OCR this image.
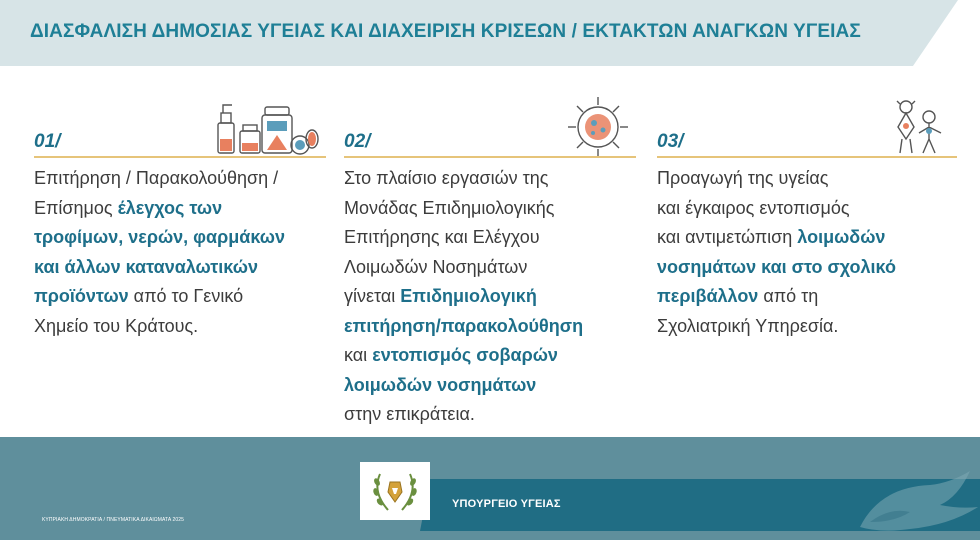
ΔΙΑΣΦΑΛΙΣΗ ΔΗΜΟΣΙΑΣ ΥΓΕΙΑΣ ΚΑΙ ΔΙΑΧΕΙΡΙΣΗ ΚΡΙΣΕΩΝ / ΕΚΤΑΚΤΩΝ ΑΝΑΓΚΩΝ ΥΓΕΙΑΣ
01/
Επιτήρηση / Παρακολούθηση /
Επίσημος έλεγχος των
τροφίμων, νερών, φαρμάκων
και άλλων καταναλωτικών
προϊόντων από το Γενικό
Χημείο του Κράτους.
02/
Στο πλαίσιο εργασιών της
Μονάδας Επιδημιολογικής
Επιτήρησης και Ελέγχου
Λοιμωδών Νοσημάτων
γίνεται Επιδημιολογική
επιτήρηση/παρακολούθηση
και εντοπισμός σοβαρών
λοιμωδών νοσημάτων
στην επικράτεια.
03/
Προαγωγή της υγείας
και έγκαιρος εντοπισμός
και αντιμετώπιση λοιμωδών
νοσημάτων και στο σχολικό
περιβάλλον από τη
Σχολιατρική Υπηρεσία.
ΚΥΠΡΙΑΚΗ ΔΗΜΟΚΡΑΤΙΑ / ΠΝΕΥΜΑΤΙΚΑ ΔΙΚΑΙΩΜΑΤΑ 2025
ΥΠΟΥΡΓΕΙΟ ΥΓΕΙΑΣ
